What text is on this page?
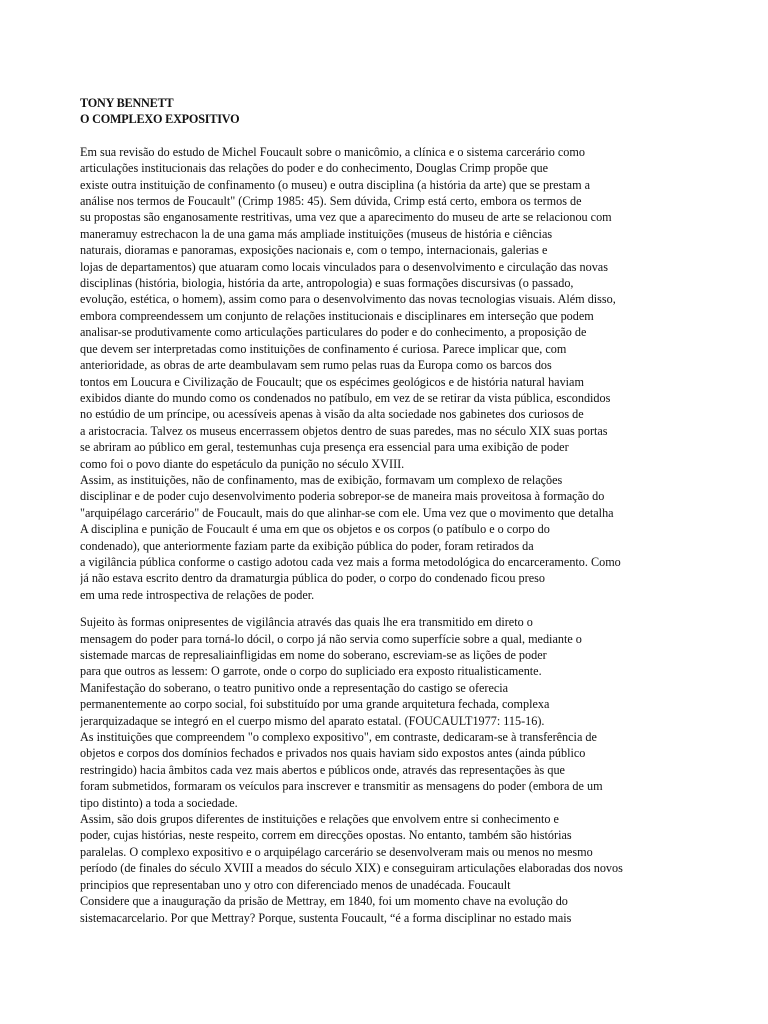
TONY BENNETT
O COMPLEXO EXPOSITIVO
Em sua revisão do estudo de Michel Foucault sobre o manicômio, a clínica e o sistema carcerário como
articulações institucionais das relações do poder e do conhecimento, Douglas Crimp propõe que
existe outra instituição de confinamento (o museu) e outra disciplina (a história da arte) que se prestam a
análise nos termos de Foucault" (Crimp 1985: 45). Sem dúvida, Crimp está certo, embora os termos de
su propostas são enganosamente restritivas, uma vez que a aparecimento do museu de arte se relacionou com
maneramuy estrechacon la de una gama más ampliade instituições (museus de história e ciências
naturais, dioramas e panoramas, exposições nacionais e, com o tempo, internacionais, galerias e
lojas de departamentos) que atuaram como locais vinculados para o desenvolvimento e circulação das novas
disciplinas (história, biologia, história da arte, antropologia) e suas formações discursivas (o passado,
evolução, estética, o homem), assim como para o desenvolvimento das novas tecnologias visuais. Além disso,
embora compreendessem um conjunto de relações institucionais e disciplinares em interseção que podem
analisar-se produtivamente como articulações particulares do poder e do conhecimento, a proposição de
que devem ser interpretadas como instituições de confinamento é curiosa. Parece implicar que, com
anterioridade, as obras de arte deambulavam sem rumo pelas ruas da Europa como os barcos dos
tontos em Loucura e Civilização de Foucault; que os espécimes geológicos e de história natural haviam
exibidos diante do mundo como os condenados no patíbulo, em vez de se retirar da vista pública, escondidos
no estúdio de um príncipe, ou acessíveis apenas à visão da alta sociedade nos gabinetes dos curiosos de
a aristocracia. Talvez os museus encerrassem objetos dentro de suas paredes, mas no século XIX suas portas
se abriram ao público em geral, testemunhas cuja presença era essencial para uma exibição de poder
como foi o povo diante do espetáculo da punição no século XVIII.
Assim, as instituições, não de confinamento, mas de exibição, formavam um complexo de relações
disciplinar e de poder cujo desenvolvimento poderia sobrepor-se de maneira mais proveitosa à formação do
"arquipélago carcerário" de Foucault, mais do que alinhar-se com ele. Uma vez que o movimento que detalha
A disciplina e punição de Foucault é uma em que os objetos e os corpos (o patíbulo e o corpo do
condenado), que anteriormente faziam parte da exibição pública do poder, foram retirados da
a vigilância pública conforme o castigo adotou cada vez mais a forma metodológica do encarceramento. Como
já não estava escrito dentro da dramaturgia pública do poder, o corpo do condenado ficou preso
em uma rede introspectiva de relações de poder.
Sujeito às formas onipresentes de vigilância através das quais lhe era transmitido em direto o
mensagem do poder para torná-lo dócil, o corpo já não servia como superfície sobre a qual, mediante o
sistemade marcas de represaliainfligidas em nome do soberano, escreviam-se as lições de poder
para que outros as lessem: O garrote, onde o corpo do supliciado era exposto ritualisticamente.
Manifestação do soberano, o teatro punitivo onde a representação do castigo se oferecia
permanentemente ao corpo social, foi substituído por uma grande arquitetura fechada, complexa
jerarquizadaque se integró en el cuerpo mismo del aparato estatal. (FOUCAULT1977: 115-16).
As instituições que compreendem "o complexo expositivo", em contraste, dedicaram-se à transferência de
objetos e corpos dos domínios fechados e privados nos quais haviam sido expostos antes (ainda público
restringido) hacia âmbitos cada vez mais abertos e públicos onde, através das representações às que
foram submetidos, formaram os veículos para inscrever e transmitir as mensagens do poder (embora de um
tipo distinto) a toda a sociedade.
Assim, são dois grupos diferentes de instituições e relações que envolvem entre si conhecimento e
poder, cujas histórias, neste respeito, correm em direcções opostas. No entanto, também são histórias
paralelas. O complexo expositivo e o arquipélago carcerário se desenvolveram mais ou menos no mesmo
período (de finales do século XVIII a meados do século XIX) e conseguiram articulações elaboradas dos novos
principios que representaban uno y otro con diferenciado menos de unadécada. Foucault
Considere que a inauguração da prisão de Mettray, em 1840, foi um momento chave na evolução do
sistemacarcelario. Por que Mettray? Porque, sustenta Foucault, “é a forma disciplinar no estado mais
